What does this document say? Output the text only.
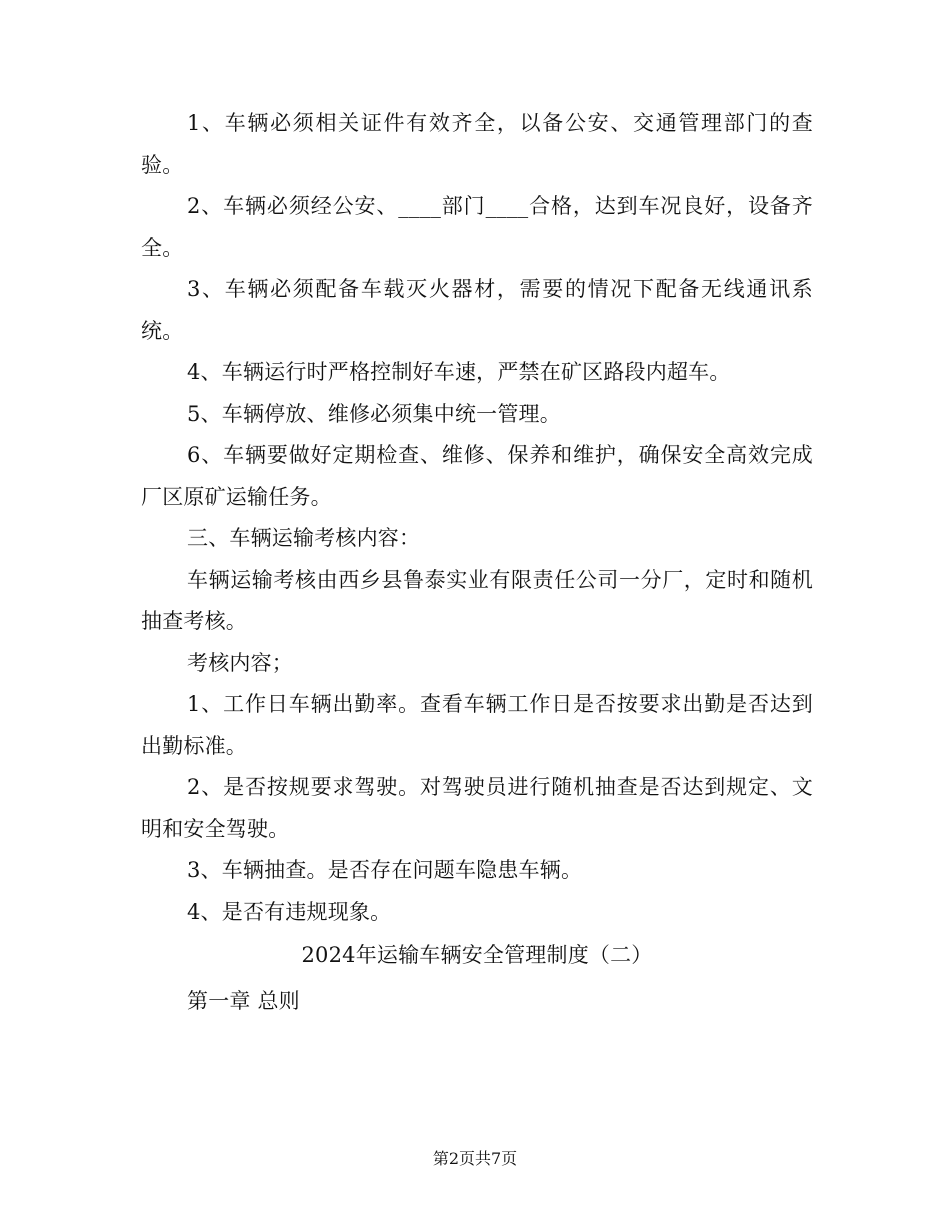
1、车辆必须相关证件有效齐全，以备公安、交通管理部门的查验。

2、车辆必须经公安、____部门____合格，达到车况良好，设备齐全。

3、车辆必须配备车载灭火器材，需要的情况下配备无线通讯系统。

4、车辆运行时严格控制好车速，严禁在矿区路段内超车。

5、车辆停放、维修必须集中统一管理。

6、车辆要做好定期检查、维修、保养和维护，确保安全高效完成厂区原矿运输任务。

三、车辆运输考核内容：

车辆运输考核由西乡县鲁泰实业有限责任公司一分厂，定时和随机抽查考核。

考核内容；

1、工作日车辆出勤率。查看车辆工作日是否按要求出勤是否达到出勤标准。

2、是否按规要求驾驶。对驾驶员进行随机抽查是否达到规定、文明和安全驾驶。

3、车辆抽查。是否存在问题车隐患车辆。

4、是否有违规现象。

2024年运输车辆安全管理制度（二）

第一章 总则

第2页共7页
